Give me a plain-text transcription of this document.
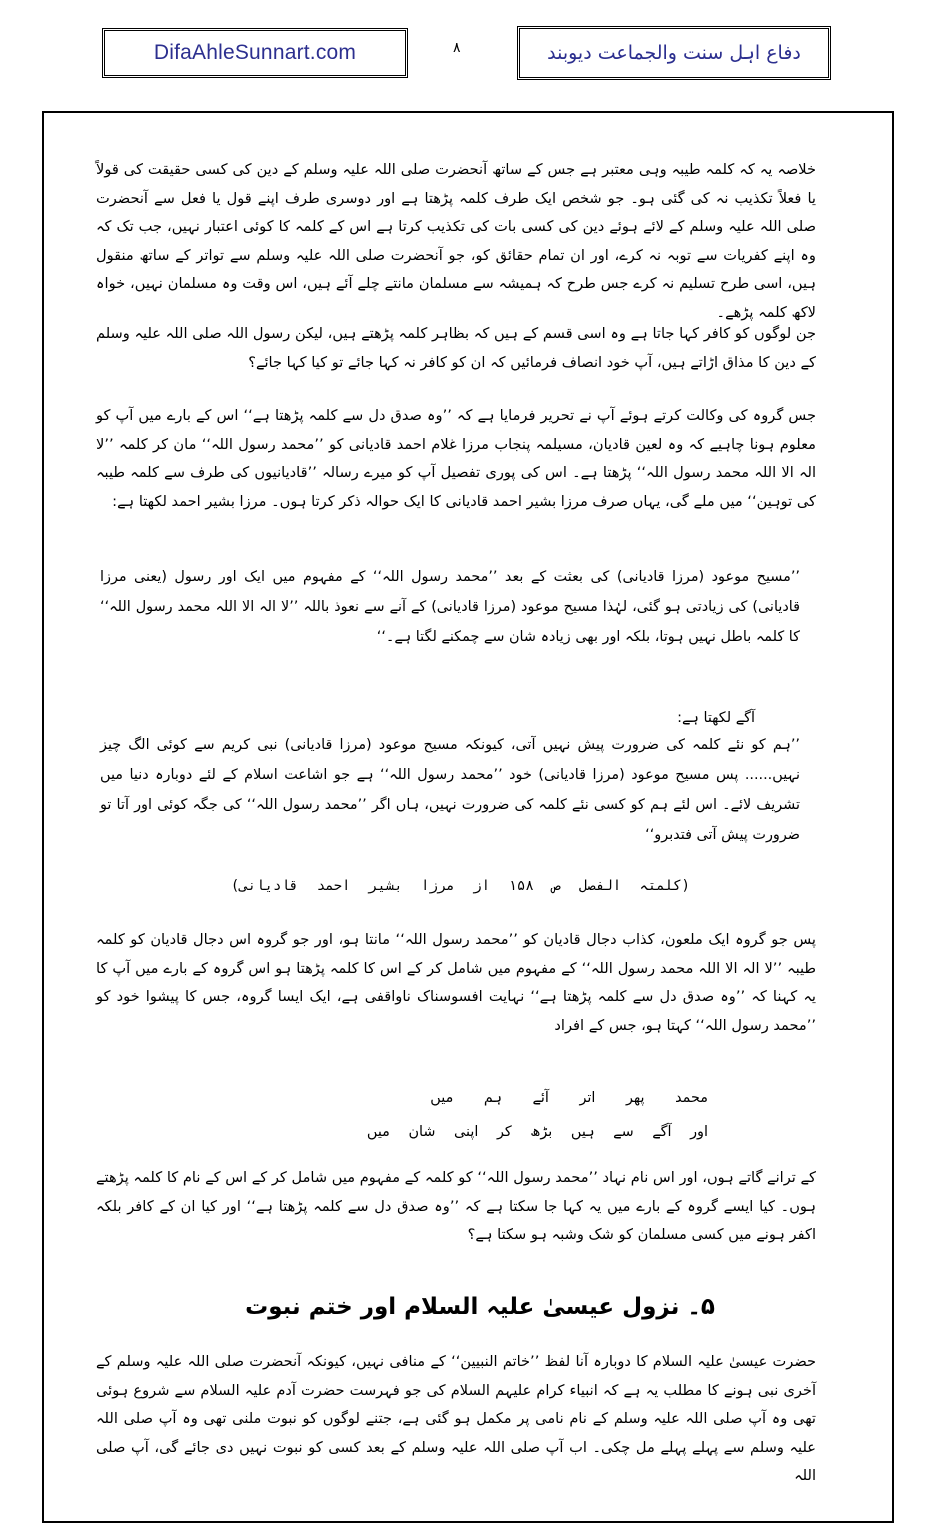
DifaAhleSunnart.com	۸	دفاع اہل سنت والجماعت دیوبند

خلاصہ یہ کہ کلمہ طیبہ وہی معتبر ہے جس کے ساتھ آنحضرت صلی اللہ علیہ وسلم کے دین کی کسی حقیقت کی قولاً یا فعلاً تکذیب نہ کی گئی ہو۔ جو شخص ایک طرف کلمہ پڑھتا ہے اور دوسری طرف اپنے قول یا فعل سے آنحضرت صلی اللہ علیہ وسلم کے لائے ہوئے دین کی کسی بات کی تکذیب کرتا ہے اس کے کلمہ کا کوئی اعتبار نہیں، جب تک کہ وہ اپنے کفریات سے توبہ نہ کرے، اور ان تمام حقائق کو، جو آنحضرت صلی اللہ علیہ وسلم سے تواتر کے ساتھ منقول ہیں، اسی طرح تسلیم نہ کرے جس طرح کہ ہمیشہ سے مسلمان مانتے چلے آئے ہیں، اس وقت وہ مسلمان نہیں، خواہ لاکھ کلمہ پڑھے۔

جن لوگوں کو کافر کہا جاتا ہے وہ اسی قسم کے ہیں کہ بظاہر کلمہ پڑھتے ہیں، لیکن رسول اللہ صلی اللہ علیہ وسلم کے دین کا مذاق اڑاتے ہیں، آپ خود انصاف فرمائیں کہ ان کو کافر نہ کہا جائے تو کیا کہا جائے؟

جس گروہ کی وکالت کرتے ہوئے آپ نے تحریر فرمایا ہے کہ ’’وہ صدق دل سے کلمہ پڑھتا ہے‘‘ اس کے بارے میں آپ کو معلوم ہونا چاہیے کہ وہ لعین قادیان، مسیلمہ پنجاب مرزا غلام احمد قادیانی کو ’’محمد رسول اللہ‘‘ مان کر کلمہ ’’لا الہ الا اللہ محمد رسول اللہ‘‘ پڑھتا ہے۔ اس کی پوری تفصیل آپ کو میرے رسالہ ’’قادیانیوں کی طرف سے کلمہ طیبہ کی توہین‘‘ میں ملے گی، یہاں صرف مرزا بشیر احمد قادیانی کا ایک حوالہ ذکر کرتا ہوں۔ مرزا بشیر احمد لکھتا ہے:

’’مسیح موعود (مرزا قادیانی) کی بعثت کے بعد ’’محمد رسول اللہ‘‘ کے مفہوم میں ایک اور رسول (یعنی مرزا قادیانی) کی زیادتی ہو گئی، لہٰذا مسیح موعود (مرزا قادیانی) کے آنے سے نعوذ باللہ ’’لا الہ الا اللہ محمد رسول اللہ‘‘ کا کلمہ باطل نہیں ہوتا، بلکہ اور بھی زیادہ شان سے چمکنے لگتا ہے۔‘‘

آگے لکھتا ہے:

’’ہم کو نئے کلمہ کی ضرورت پیش نہیں آتی، کیونکہ مسیح موعود (مرزا قادیانی) نبی کریم سے کوئی الگ چیز نہیں...... پس مسیح موعود (مرزا قادیانی) خود ’’محمد رسول اللہ‘‘ ہے جو اشاعت اسلام کے لئے دوبارہ دنیا میں تشریف لائے۔ اس لئے ہم کو کسی نئے کلمہ کی ضرورت نہیں، ہاں اگر ’’محمد رسول اللہ‘‘ کی جگہ کوئی اور آتا تو ضرورت پیش آتی فتدبرو‘‘

(کلمتہ الفصل ص ۱۵۸ از مرزا بشیر احمد قادیانی)

پس جو گروہ ایک ملعون، کذاب دجال قادیان کو ’’محمد رسول اللہ‘‘ مانتا ہو، اور جو گروہ اس دجال قادیان کو کلمہ طیبہ ’’لا الہ الا اللہ محمد رسول اللہ‘‘ کے مفہوم میں شامل کر کے اس کا کلمہ پڑھتا ہو اس گروہ کے بارے میں آپ کا یہ کہنا کہ ’’وہ صدق دل سے کلمہ پڑھتا ہے‘‘ نہایت افسوسناک ناواقفی ہے، ایک ایسا گروہ، جس کا پیشوا خود کو ’’محمد رسول اللہ‘‘ کہتا ہو، جس کے افراد

محمد پھر اتر آئے ہم میں
اور آگے سے ہیں بڑھ کر اپنی شان میں

کے ترانے گاتے ہوں، اور اس نام نہاد ’’محمد رسول اللہ‘‘ کو کلمہ کے مفہوم میں شامل کر کے اس کے نام کا کلمہ پڑھتے ہوں۔ کیا ایسے گروہ کے بارے میں یہ کہا جا سکتا ہے کہ ’’وہ صدق دل سے کلمہ پڑھتا ہے‘‘ اور کیا ان کے کافر بلکہ اکفر ہونے میں کسی مسلمان کو شک وشبہ ہو سکتا ہے؟

۵۔ نزول عیسیٰ علیہ السلام اور ختم نبوت

حضرت عیسیٰ علیہ السلام کا دوبارہ آنا لفظ ’’خاتم النبیین‘‘ کے منافی نہیں، کیونکہ آنحضرت صلی اللہ علیہ وسلم کے آخری نبی ہونے کا مطلب یہ ہے کہ انبیاء کرام علیہم السلام کی جو فہرست حضرت آدم علیہ السلام سے شروع ہوئی تھی وہ آپ صلی اللہ علیہ وسلم کے نام نامی پر مکمل ہو گئی ہے، جتنے لوگوں کو نبوت ملنی تھی وہ آپ صلی اللہ علیہ وسلم سے پہلے پہلے مل چکی۔ اب آپ صلی اللہ علیہ وسلم کے بعد کسی کو نبوت نہیں دی جائے گی، آپ صلی اللہ
